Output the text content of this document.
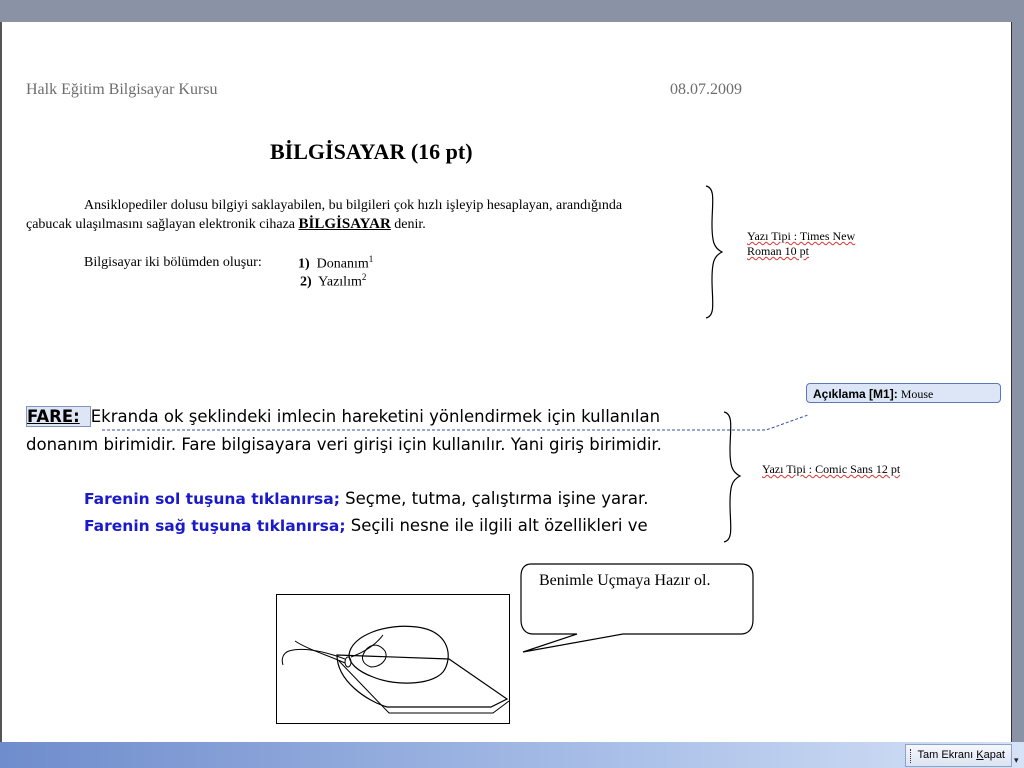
Halk Eğitim Bilgisayar Kursu	08.07.2009
BİLGİSAYAR (16 pt)
Ansiklopediler dolusu bilgiyi saklayabilen, bu bilgileri çok hızlı işleyip hesaplayan, arandığında
çabucak ulaşılmasını sağlayan elektronik cihaza BİLGİSAYAR denir.
Bilgisayar iki bölümden oluşur:	1) Donanım$^1$
2) Yazılım$^2$
Yazı Tipi : Times New
Roman 10 pt
FARE: Ekranda ok şeklindeki imlecin hareketini yönlendirmek için kullanılan
donanım birimidir. Fare bilgisayara veri girişi için kullanılır. Yani giriş birimidir.
Yazı Tipi : Comic Sans 12 pt
Farenin sol tuşuna tıklanırsa; Seçme, tutma, çalıştırma işine yarar.
Farenin sağ tuşuna tıklanırsa; Seçili nesne ile ilgili alt özellikleri ve
Benimle Uçmaya Hazır ol.
Açıklama [M1]: Mouse
Tam Ekranı Kapat ▾
